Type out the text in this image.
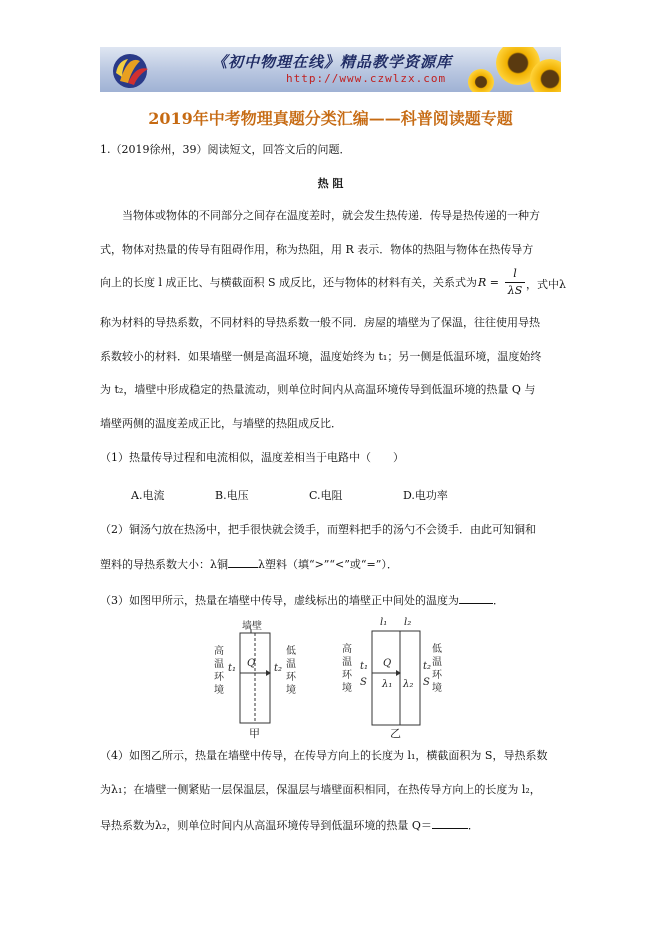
《初中物理在线》精品教学资源库
http://www.czwlzx.com
2019年中考物理真题分类汇编——科普阅读题专题
1.（2019徐州，39）阅读短文，回答文后的问题．
热 阻
当物体或物体的不同部分之间存在温度差时，就会发生热传递．传导是热传递的一种方
式，物体对热量的传导有阻碍作用，称为热阻，用 R 表示．物体的热阻与物体在热传导方
向上的长度 l 成正比、与横截面积 S 成反比，还与物体的材料有关，关系式为 R =
l
λS ，式中λ
称为材料的导热系数，不同材料的导热系数一般不同．房屋的墙壁为了保温，往往使用导热
系数较小的材料．如果墙壁一侧是高温环境，温度始终为 t₁；另一侧是低温环境，温度始终
为 t₂，墙壁中形成稳定的热量流动，则单位时间内从高温环境传导到低温环境的热量 Q 与
墙壁两侧的温度差成正比，与墙壁的热阻成反比．
（1）热量传导过程和电流相似，温度差相当于电路中（　　）
A.电流	B.电压	C.电阻	D.电功率
（2）铜汤勺放在热汤中，把手很快就会烫手，而塑料把手的汤勺不会烫手．由此可知铜和
塑料的导热系数大小：λ铜	λ塑料（填“>”“<”或“=”）．
（3）如图甲所示，热量在墙壁中传导，虚线标出的墙壁正中间处的温度为	．
墙壁
高温环境
低温环境
t₁	t₂
Q
甲
l₁ l₂
高温环境
低温环境
t₁
S
t₂
S
Q
λ₁ λ₂
乙
（4）如图乙所示，热量在墙壁中传导，在传导方向上的长度为 l₁，横截面积为 S，导热系数
为λ₁；在墙壁一侧紧贴一层保温层，保温层与墙壁面积相同，在热传导方向上的长度为 l₂，
导热系数为λ₂，则单位时间内从高温环境传导到低温环境的热量 Q＝	．
